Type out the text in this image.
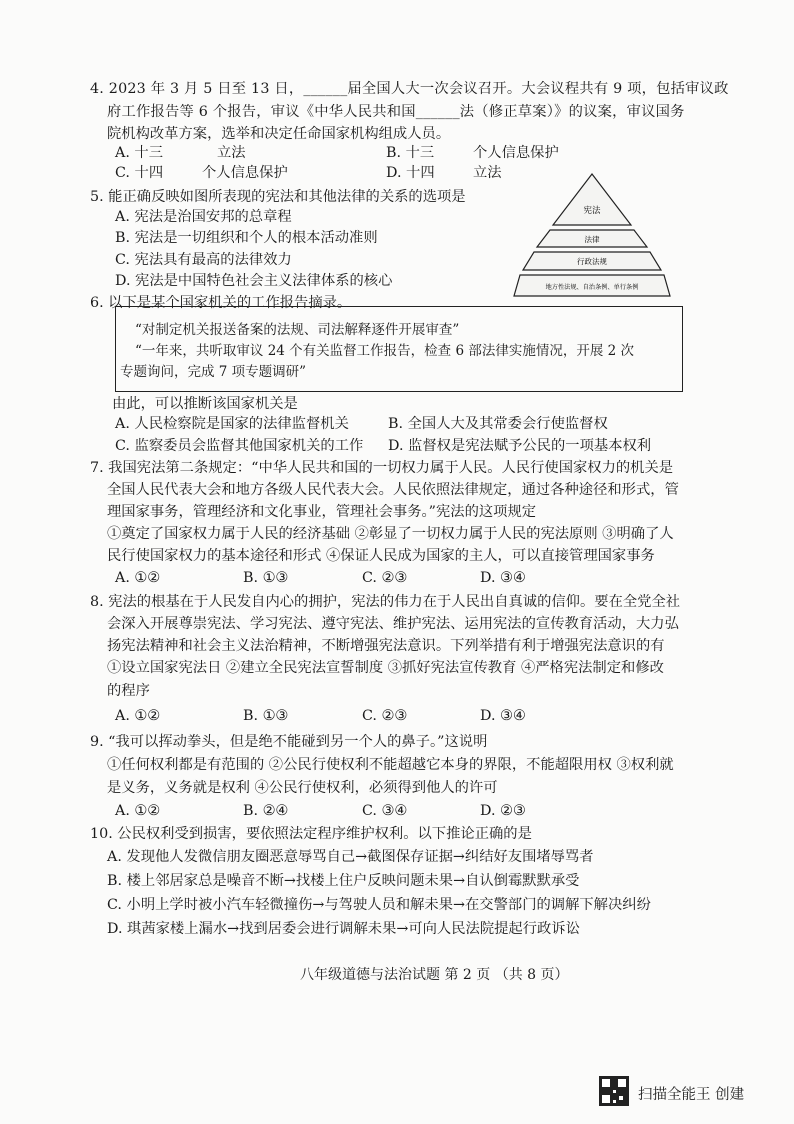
4. 2023 年 3 月 5 日至 13 日，______届全国人大一次会议召开。大会议程共有 9 项，包括审议政
府工作报告等 6 个报告，审议《中华人民共和国______法（修正草案）》的议案，审议国务
院机构改革方案，选举和决定任命国家机构组成人员。
A. 十三	立法	B. 十三	个人信息保护
C. 十四	个人信息保护	D. 十四	立法
5. 能正确反映如图所表现的宪法和其他法律的关系的选项是
A. 宪法是治国安邦的总章程
B. 宪法是一切组织和个人的根本活动准则
C. 宪法具有最高的法律效力
D. 宪法是中国特色社会主义法律体系的核心
宪法
法律
行政法规
地方性法规、自治条例、单行条例
6. 以下是某个国家机关的工作报告摘录。
“对制定机关报送备案的法规、司法解释逐件开展审查”
“一年来，共听取审议 24 个有关监督工作报告，检查 6 部法律实施情况，开展 2 次
专题询问，完成 7 项专题调研”
由此，可以推断该国家机关是
A. 人民检察院是国家的法律监督机关	B. 全国人大及其常委会行使监督权
C. 监察委员会监督其他国家机关的工作 D. 监督权是宪法赋予公民的一项基本权利
7. 我国宪法第二条规定：“中华人民共和国的一切权力属于人民。人民行使国家权力的机关是
全国人民代表大会和地方各级人民代表大会。人民依照法律规定，通过各种途径和形式，管
理国家事务，管理经济和文化事业，管理社会事务。”宪法的这项规定
①奠定了国家权力属于人民的经济基础 ②彰显了一切权力属于人民的宪法原则 ③明确了人
民行使国家权力的基本途径和形式 ④保证人民成为国家的主人，可以直接管理国家事务
A. ①②	B. ①③	C. ②③	D. ③④
8. 宪法的根基在于人民发自内心的拥护，宪法的伟力在于人民出自真诚的信仰。要在全党全社
会深入开展尊崇宪法、学习宪法、遵守宪法、维护宪法、运用宪法的宣传教育活动，大力弘
扬宪法精神和社会主义法治精神，不断增强宪法意识。下列举措有利于增强宪法意识的有
①设立国家宪法日 ②建立全民宪法宣誓制度 ③抓好宪法宣传教育 ④严格宪法制定和修改
的程序
A. ①②	B. ①③	C. ②③	D. ③④
9. “我可以挥动拳头，但是绝不能碰到另一个人的鼻子。”这说明
①任何权利都是有范围的 ②公民行使权利不能超越它本身的界限，不能超限用权 ③权利就
是义务，义务就是权利 ④公民行使权利，必须得到他人的许可
A. ①②	B. ②④	C. ③④	D. ②③
10. 公民权利受到损害，要依照法定程序维护权利。以下推论正确的是
A. 发现他人发微信朋友圈恶意辱骂自己→截图保存证据→纠结好友围堵辱骂者
B. 楼上邻居家总是噪音不断→找楼上住户反映问题未果→自认倒霉默默承受
C. 小明上学时被小汽车轻微撞伤→与驾驶人员和解未果→在交警部门的调解下解决纠纷
D. 琪茜家楼上漏水→找到居委会进行调解未果→可向人民法院提起行政诉讼
八年级道德与法治试题 第 2 页 （共 8 页）
扫描全能王 创建
